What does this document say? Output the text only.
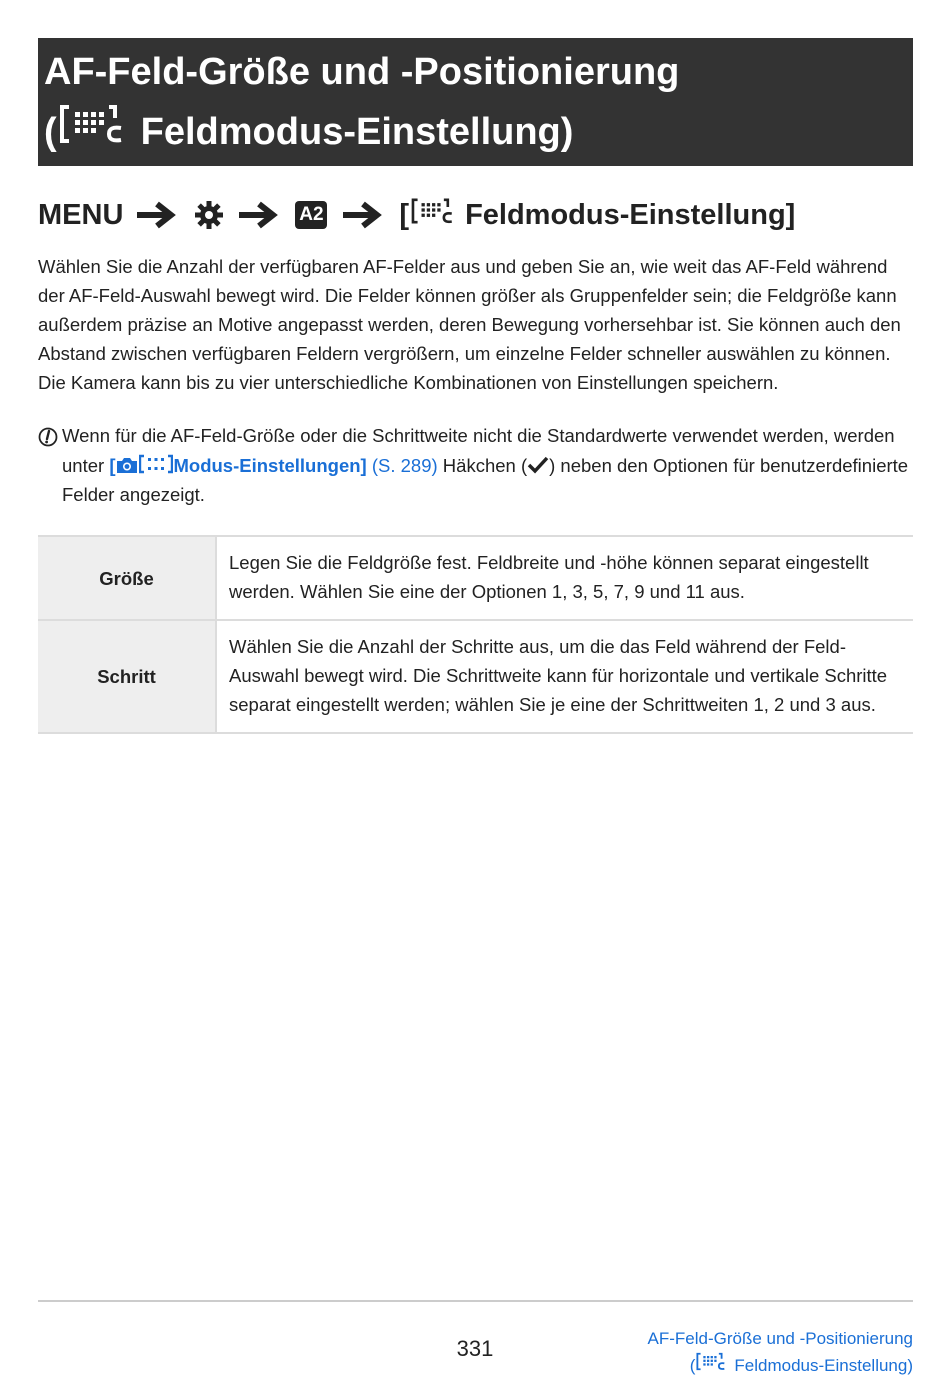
AF-Feld-Größe und -Positionierung
( Feldmodus-Einstellung)
MENU	A2	[ Feldmodus-Einstellung]

Wählen Sie die Anzahl der verfügbaren AF-Felder aus und geben Sie an, wie weit das AF-Feld während der AF-Feld-Auswahl bewegt wird. Die Felder können größer als Gruppenfelder sein; die Feldgröße kann außerdem präzise an Motive angepasst werden, deren Bewegung vorhersehbar ist. Sie können auch den Abstand zwischen verfügbaren Feldern vergrößern, um einzelne Felder schneller auswählen zu können. Die Kamera kann bis zu vier unterschiedliche Kombinationen von Einstellungen speichern.

Wenn für die AF-Feld-Größe oder die Schrittweite nicht die Standardwerte verwendet werden, werden unter [	Modus-Einstellungen] (S. 289) Häkchen ( ) neben den Optionen für benutzerdefinierte Felder angezeigt.
Größe	Legen Sie die Feldgröße fest. Feldbreite und -höhe können separat eingestellt werden. Wählen Sie eine der Optionen 1, 3, 5, 7, 9 und 11 aus.
Schritt	Wählen Sie die Anzahl der Schritte aus, um die das Feld während der Feld-Auswahl bewegt wird. Die Schrittweite kann für horizontale und vertikale Schritte separat eingestellt werden; wählen Sie je eine der Schrittweiten 1, 2 und 3 aus.
331	AF-Feld-Größe und -Positionierung
( Feldmodus-Einstellung)
